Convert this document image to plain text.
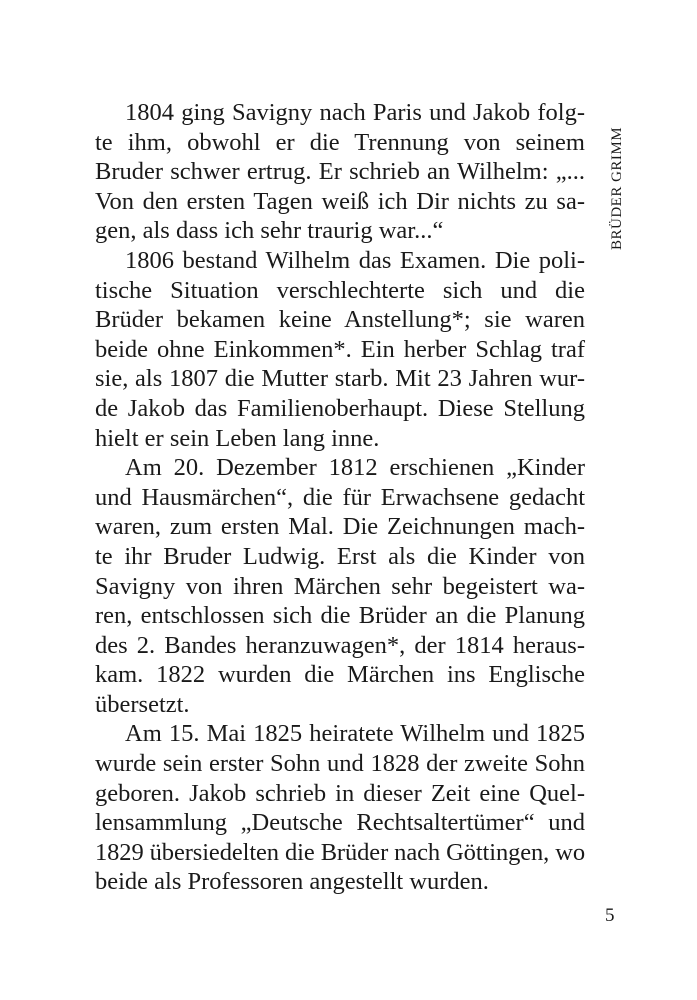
1804 ging Savigny nach Paris und Jakob folg-
te ihm, obwohl er die Trennung von seinem
Bruder schwer ertrug. Er schrieb an Wilhelm: „...
Von den ersten Tagen weiß ich Dir nichts zu sa-
gen, als dass ich sehr traurig war...“
1806 bestand Wilhelm das Examen. Die poli-
tische Situation verschlechterte sich und die
Brüder bekamen keine Anstellung*; sie waren
beide ohne Einkommen*. Ein herber Schlag traf
sie, als 1807 die Mutter starb. Mit 23 Jahren wur-
de Jakob das Familienoberhaupt. Diese Stellung
hielt er sein Leben lang inne.
Am 20. Dezember 1812 erschienen „Kinder
und Hausmärchen“, die für Erwachsene gedacht
waren, zum ersten Mal. Die Zeichnungen mach-
te ihr Bruder Ludwig. Erst als die Kinder von
Savigny von ihren Märchen sehr begeistert wa-
ren, entschlossen sich die Brüder an die Planung
des 2. Bandes heranzuwagen*, der 1814 heraus-
kam. 1822 wurden die Märchen ins Englische
übersetzt.
Am 15. Mai 1825 heiratete Wilhelm und 1825
wurde sein erster Sohn und 1828 der zweite Sohn
geboren. Jakob schrieb in dieser Zeit eine Quel-
lensammlung „Deutsche Rechtsaltertümer“ und
1829 übersiedelten die Brüder nach Göttingen, wo
beide als Professoren angestellt wurden.
BRÜDER GRIMM
5
